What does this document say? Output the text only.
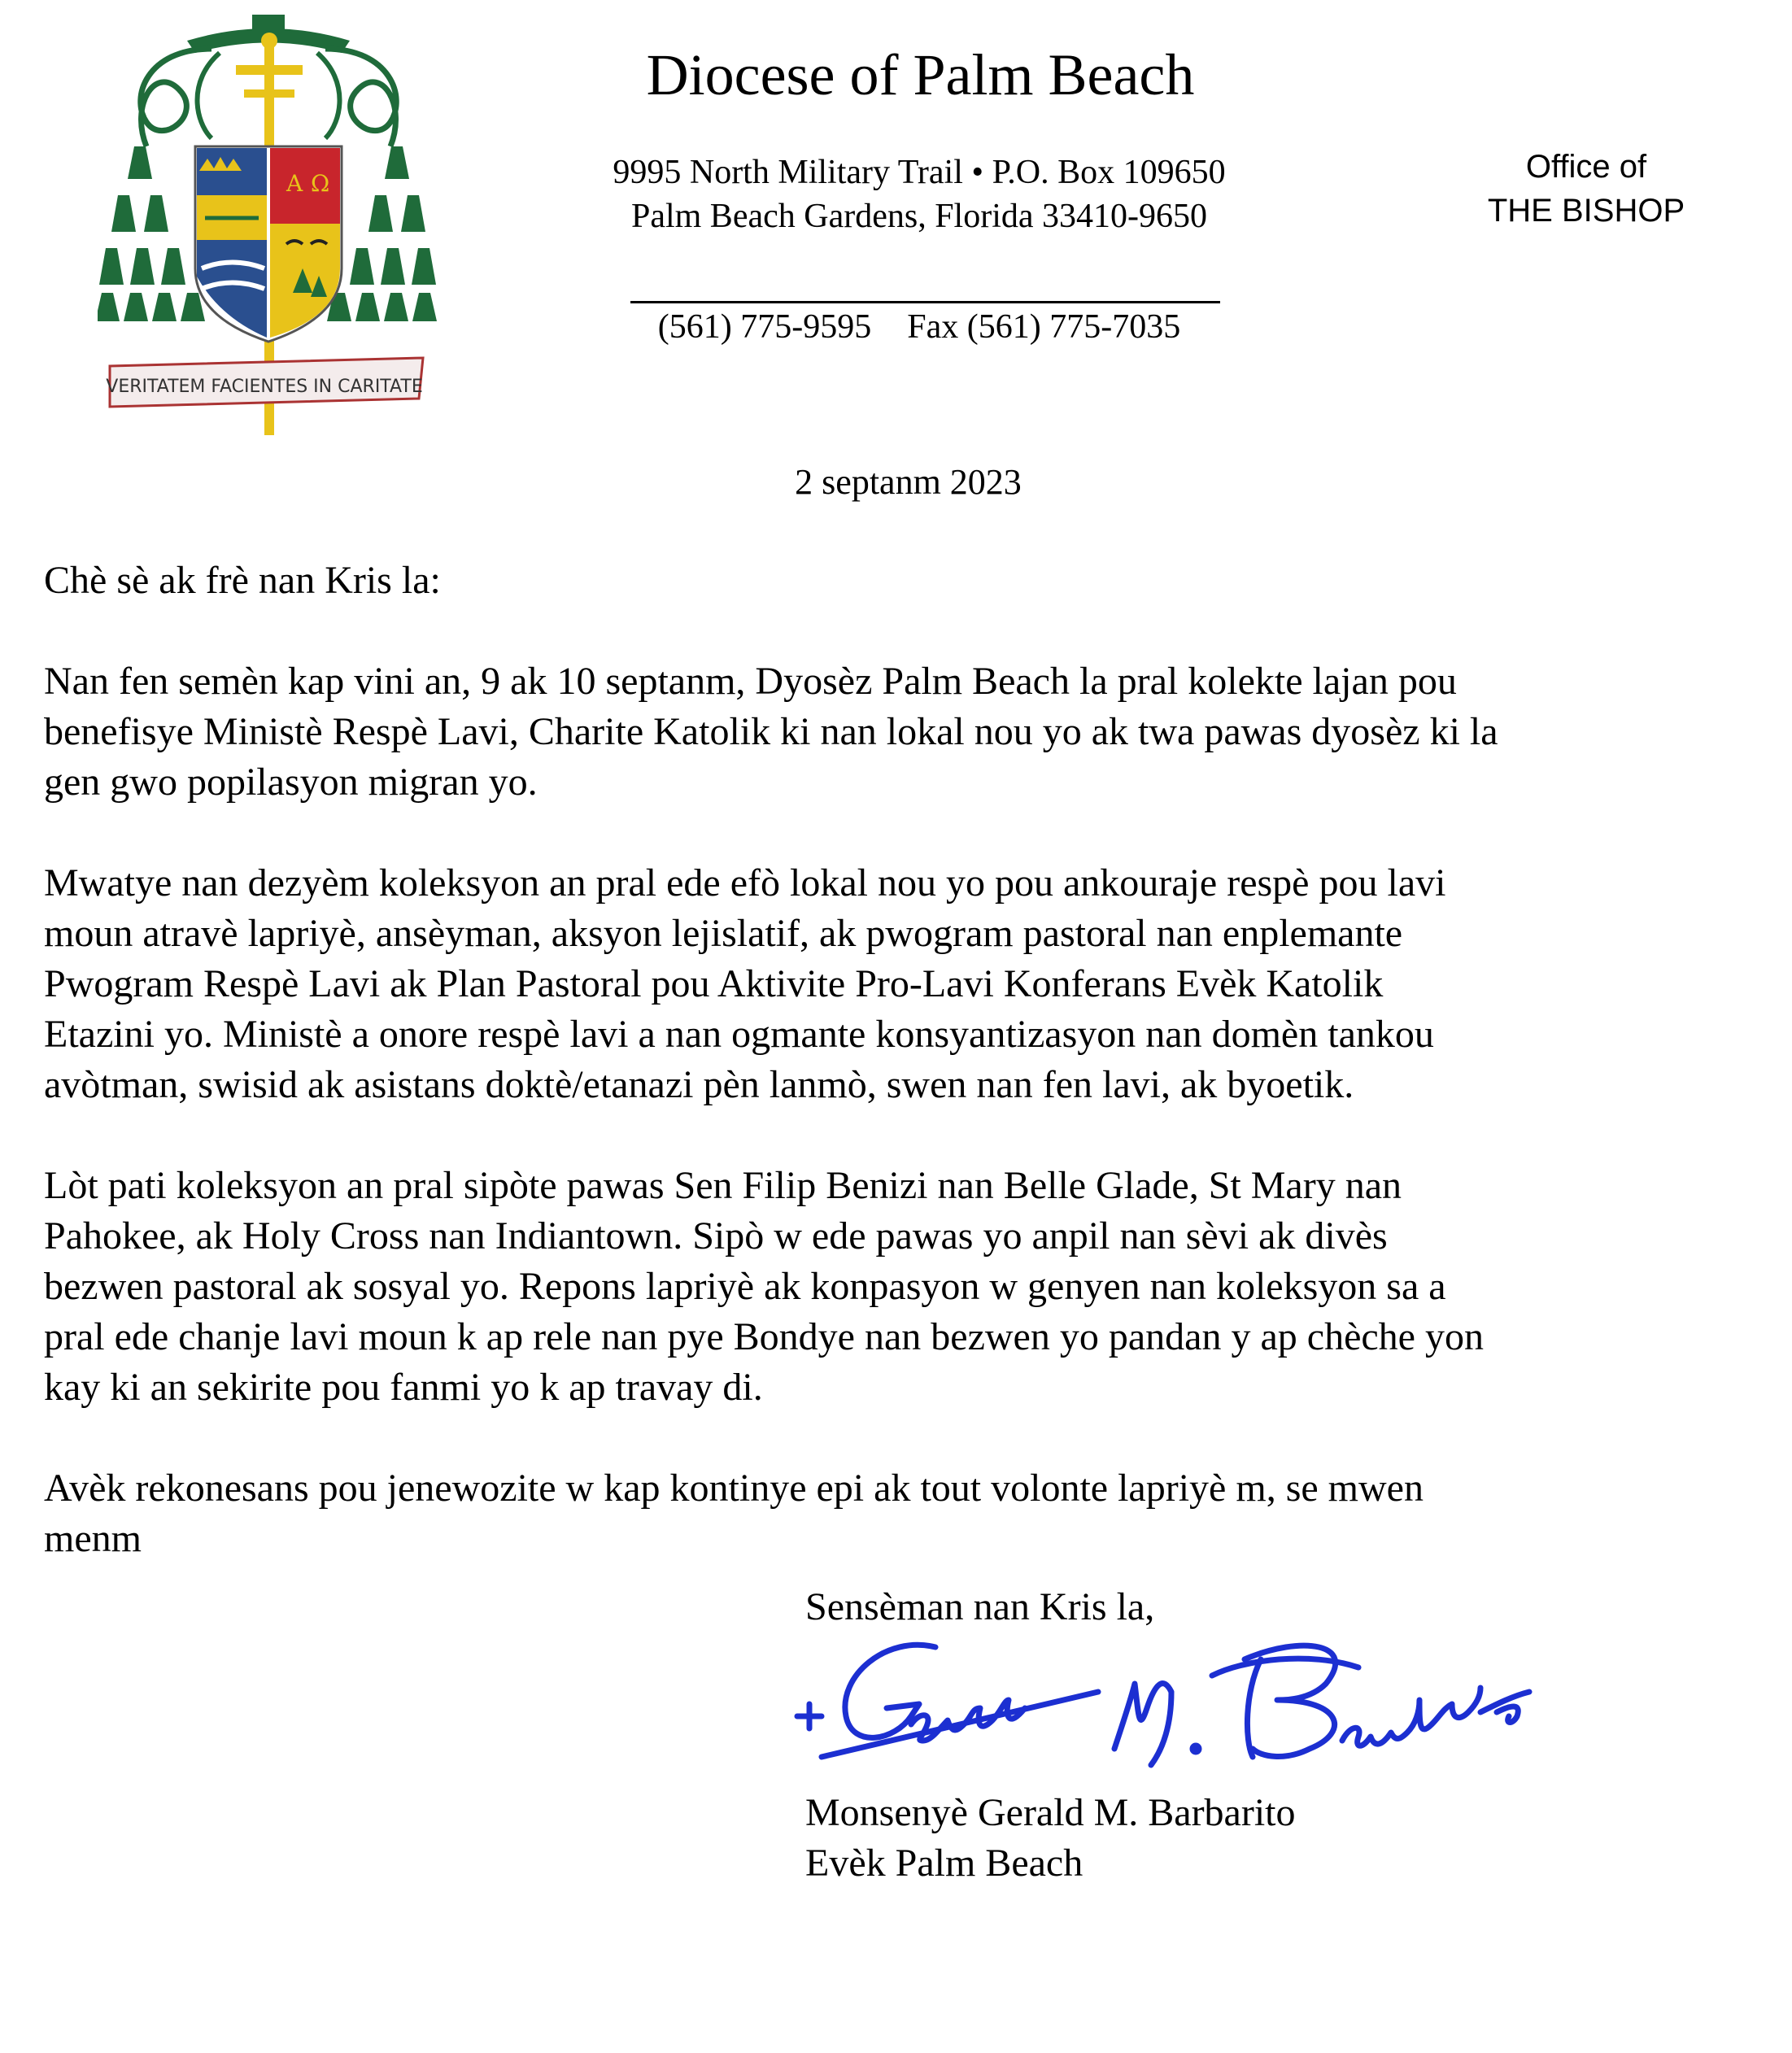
A Ω
VERITATEM FACIENTES IN CARITATE
Diocese of Palm Beach
9995 North Military Trail • P.O. Box 109650
Palm Beach Gardens, Florida 33410-9650
(561) 775-9595 Fax (561) 775-7035
Office of
THE BISHOP
2 septanm 2023

Chè sè ak frè nan Kris la:

Nan fen semèn kap vini an, 9 ak 10 septanm, Dyosèz Palm Beach la pral kolekte lajan pou
benefisye Ministè Respè Lavi, Charite Katolik ki nan lokal nou yo ak twa pawas dyosèz ki la
gen gwo popilasyon migran yo.

Mwatye nan dezyèm koleksyon an pral ede efò lokal nou yo pou ankouraje respè pou lavi
moun atravè lapriyè, ansèyman, aksyon lejislatif, ak pwogram pastoral nan enplemante
Pwogram Respè Lavi ak Plan Pastoral pou Aktivite Pro-Lavi Konferans Evèk Katolik
Etazini yo. Ministè a onore respè lavi a nan ogmante konsyantizasyon nan domèn tankou
avòtman, swisid ak asistans doktè/etanazi pèn lanmò, swen nan fen lavi, ak byoetik.

Lòt pati koleksyon an pral sipòte pawas Sen Filip Benizi nan Belle Glade, St Mary nan
Pahokee, ak Holy Cross nan Indiantown. Sipò w ede pawas yo anpil nan sèvi ak divès
bezwen pastoral ak sosyal yo. Repons lapriyè ak konpasyon w genyen nan koleksyon sa a
pral ede chanje lavi moun k ap rele nan pye Bondye nan bezwen yo pandan y ap chèche yon
kay ki an sekirite pou fanmi yo k ap travay di.

Avèk rekonesans pou jenewozite w kap kontinye epi ak tout volonte lapriyè m, se mwen
menm

Sensèman nan Kris la,
Monsenyè Gerald M. Barbarito
Evèk Palm Beach
